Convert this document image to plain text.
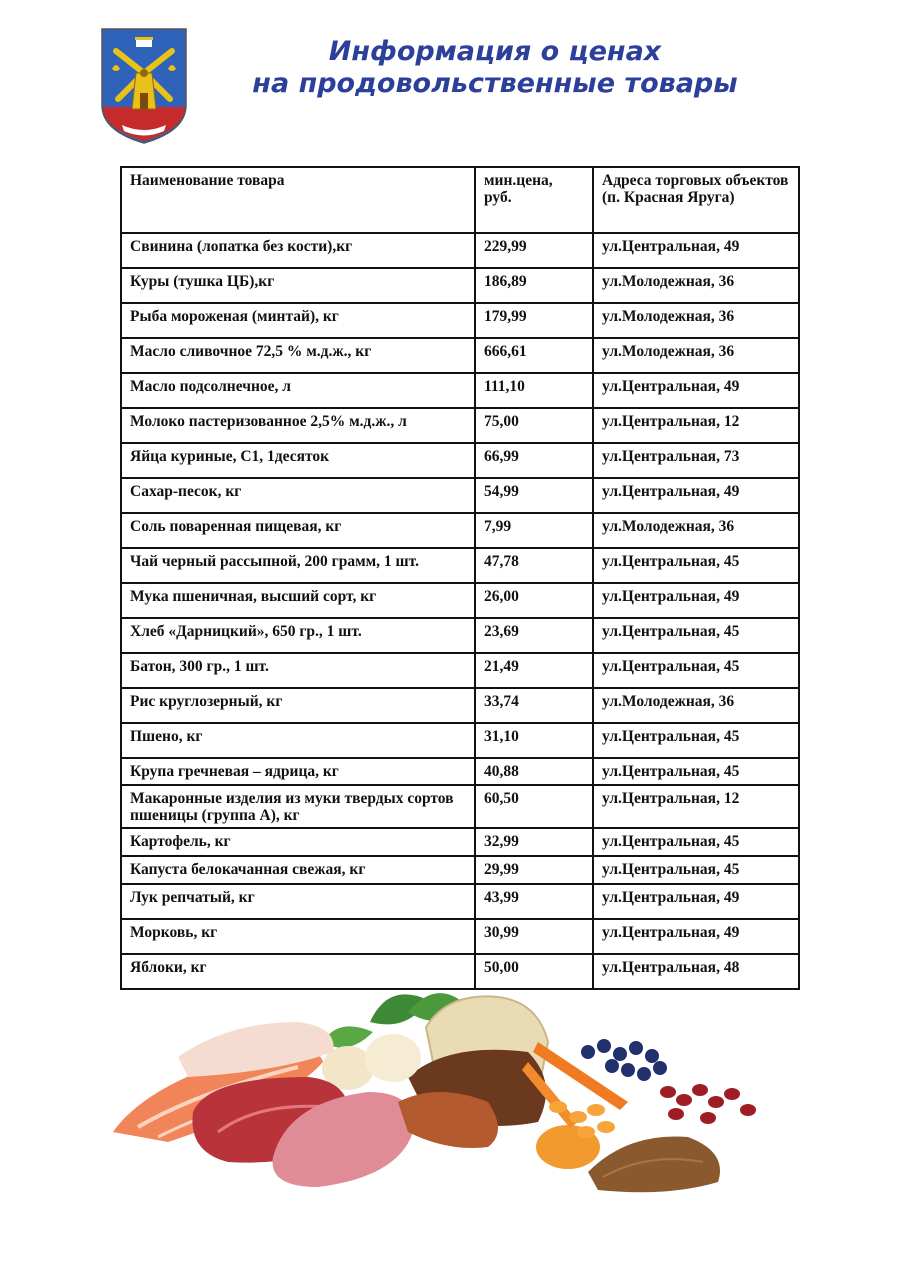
Информация о ценах
на продовольственные товары
Наименование товара	мин.цена, руб.	Адреса торговых объектов (п. Красная Яруга)
Свинина (лопатка без кости),кг	229,99	ул.Центральная, 49
Куры (тушка ЦБ),кг	186,89	ул.Молодежная, 36
Рыба мороженая (минтай), кг	179,99	ул.Молодежная, 36
Масло сливочное 72,5 % м.д.ж., кг	666,61	ул.Молодежная, 36
Масло подсолнечное, л	111,10	ул.Центральная, 49
Молоко пастеризованное 2,5% м.д.ж., л	75,00	ул.Центральная, 12
Яйца куриные, С1, 1десяток	66,99	ул.Центральная, 73
Сахар-песок, кг	54,99	ул.Центральная, 49
Соль поваренная пищевая, кг	7,99	ул.Молодежная, 36
Чай черный рассыпной, 200 грамм, 1 шт.	47,78	ул.Центральная, 45
Мука пшеничная, высший сорт, кг	26,00	ул.Центральная, 49
Хлеб «Дарницкий», 650 гр., 1 шт.	23,69	ул.Центральная, 45
Батон, 300 гр., 1 шт.	21,49	ул.Центральная, 45
Рис круглозерный, кг	33,74	ул.Молодежная, 36
Пшено, кг	31,10	ул.Центральная, 45
Крупа гречневая – ядрица, кг	40,88	ул.Центральная, 45
Макаронные изделия из муки твердых сортов пшеницы (группа А), кг	60,50	ул.Центральная, 12
Картофель, кг	32,99	ул.Центральная, 45
Капуста белокачанная свежая, кг	29,99	ул.Центральная, 45
Лук репчатый, кг	43,99	ул.Центральная, 49
Морковь, кг	30,99	ул.Центральная, 49
Яблоки, кг	50,00	ул.Центральная, 48
